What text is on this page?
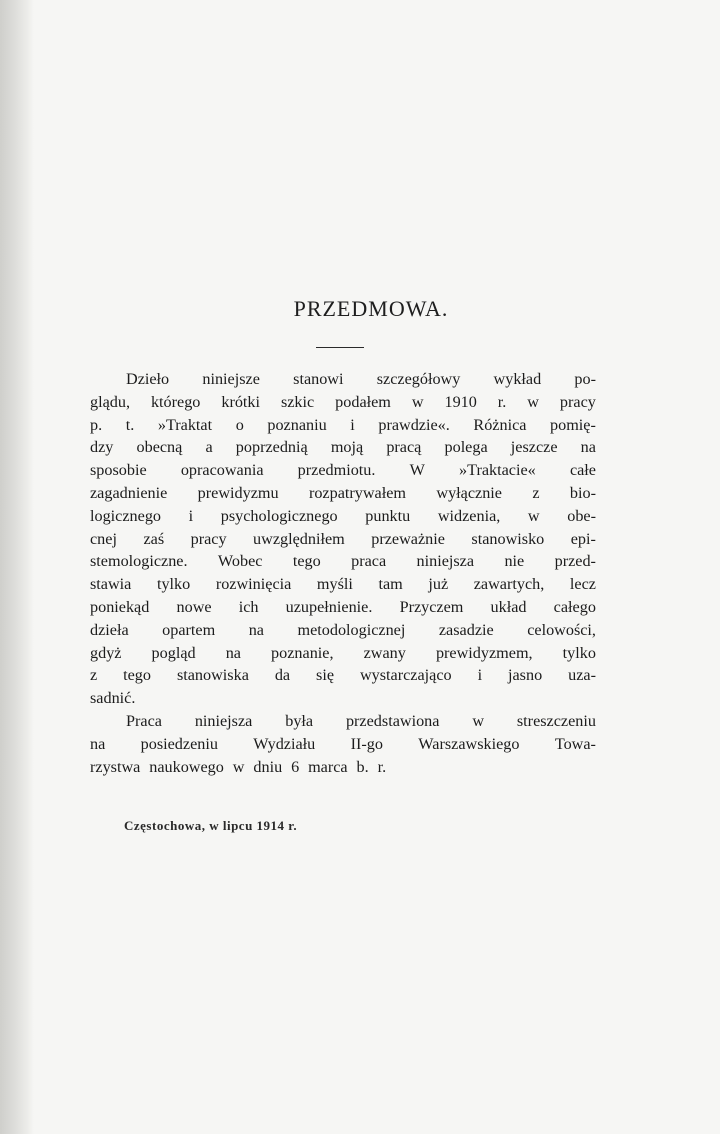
PRZEDMOWA.
Dzieło niniejsze stanowi szczegółowy wykład po-
glądu, którego krótki szkic podałem w 1910 r. w pracy
p. t. »Traktat o poznaniu i prawdzie«. Różnica pomię-
dzy obecną a poprzednią moją pracą polega jeszcze na
sposobie opracowania przedmiotu. W »Traktacie« całe
zagadnienie prewidyzmu rozpatrywałem wyłącznie z bio-
logicznego i psychologicznego punktu widzenia, w obe-
cnej zaś pracy uwzględniłem przeważnie stanowisko epi-
stemologiczne. Wobec tego praca niniejsza nie przed-
stawia tylko rozwinięcia myśli tam już zawartych, lecz
poniekąd nowe ich uzupełnienie. Przyczem układ całego
dzieła opartem na metodologicznej zasadzie celowości,
gdyż pogląd na poznanie, zwany prewidyzmem, tylko
z tego stanowiska da się wystarczająco i jasno uza-
sadnić.
Praca niniejsza była przedstawiona w streszczeniu
na posiedzeniu Wydziału II-go Warszawskiego Towa-
rzystwa naukowego w dniu 6 marca b. r.
Częstochowa, w lipcu 1914 r.
